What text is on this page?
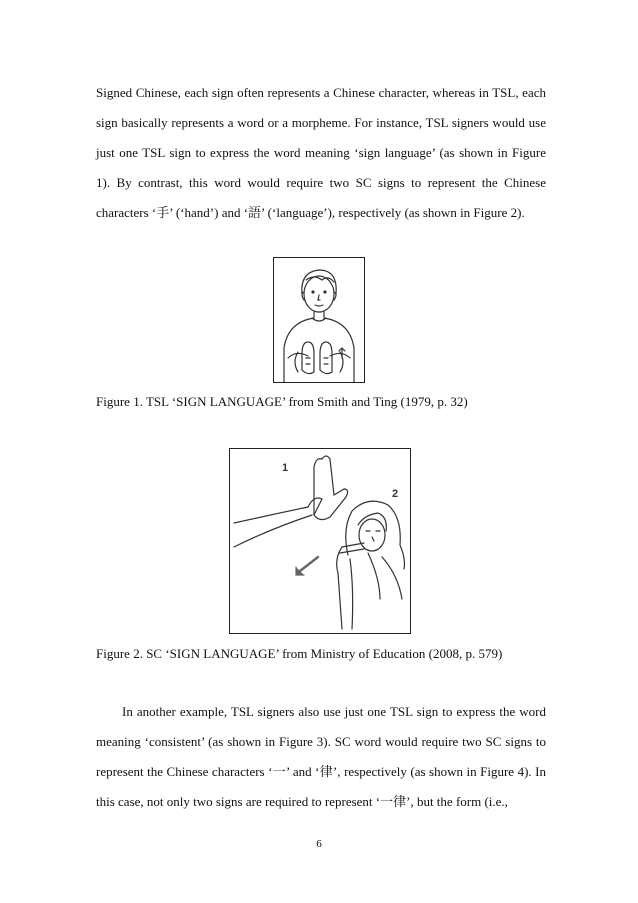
Signed Chinese, each sign often represents a Chinese character, whereas in TSL, each sign basically represents a word or a morpheme. For instance, TSL signers would use just one TSL sign to express the word meaning ‘sign language’ (as shown in Figure 1). By contrast, this word would require two SC signs to represent the Chinese characters ‘手’ (‘hand’) and ‘語’ (‘language’), respectively (as shown in Figure 2).

Figure 1. TSL ‘SIGN LANGUAGE’ from Smith and Ting (1979, p. 32)

1
2

Figure 2. SC ‘SIGN LANGUAGE’ from Ministry of Education (2008, p. 579)

In another example, TSL signers also use just one TSL sign to express the word meaning ‘consistent’ (as shown in Figure 3). SC word would require two SC signs to represent the Chinese characters ‘一’ and ‘律’, respectively (as shown in Figure 4). In this case, not only two signs are required to represent ‘一律’, but the form (i.e.,

6
